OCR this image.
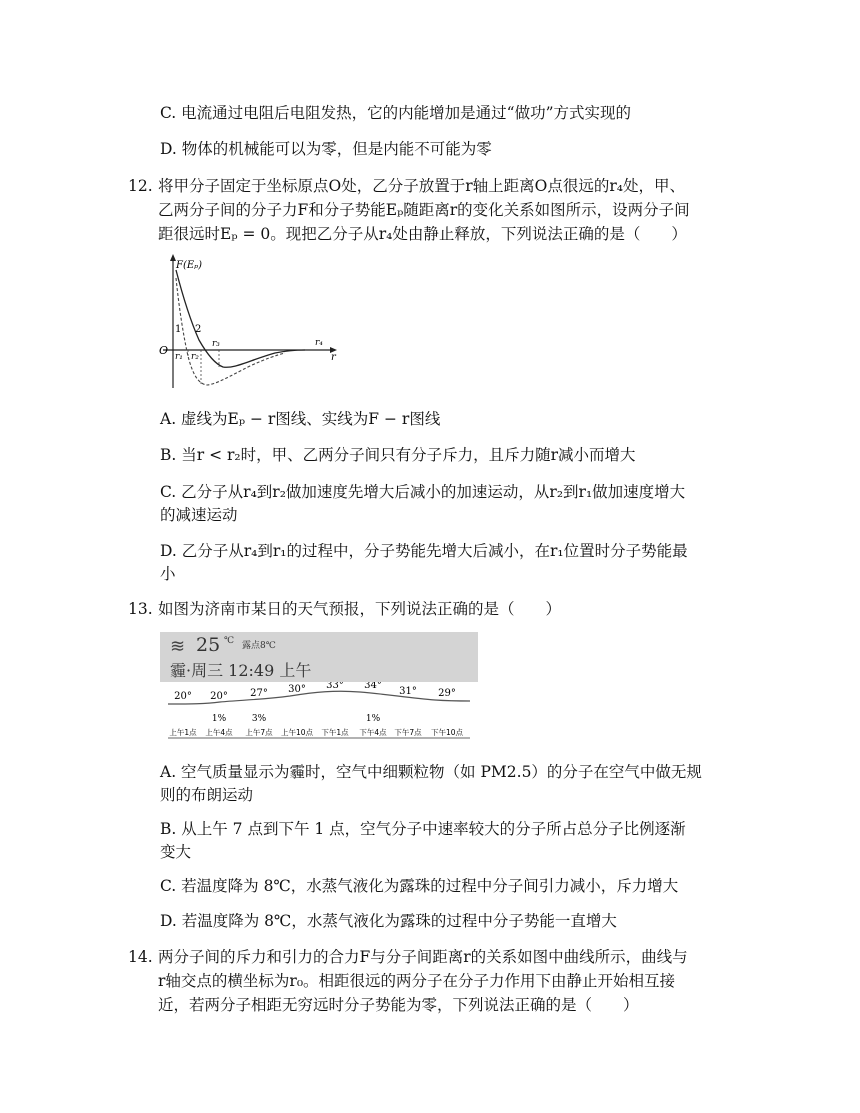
C. 电流通过电阻后电阻发热，它的内能增加是通过“做功”方式实现的
D. 物体的机械能可以为零，但是内能不可能为零
12. 将甲分子固定于坐标原点O处，乙分子放置于r轴上距离O点很远的r₄处，甲、
乙两分子间的分子力F和分子势能Eₚ随距离r的变化关系如图所示，设两分子间
距很远时Eₚ = 0。现把乙分子从r₄处由静止释放，下列说法正确的是（　　）
F(Eₚ)
O
r
1 2
r₁ r₂
r₃	r₄
A. 虚线为Eₚ − r图线、实线为F − r图线
B. 当r < r₂时，甲、乙两分子间只有分子斥力，且斥力随r减小而增大
C. 乙分子从r₄到r₂做加速度先增大后减小的加速运动，从r₂到r₁做加速度增大
的减速运动
D. 乙分子从r₄到r₁的过程中，分子势能先增大后减小，在r₁位置时分子势能最
小
13. 如图为济南市某日的天气预报，下列说法正确的是（　　）
≋ 25 ℃ 露点8℃
霾·周三 12:49 上午
20° 20° 27° 30° 33° 34°
31° 29°
1%	3%	1%
上午1点 上午4点 上午7点 上午10点 下午1点 下午4点 下午7点 下午10点
A. 空气质量显示为霾时，空气中细颗粒物（如 PM2.5）的分子在空气中做无规
则的布朗运动
B. 从上午 7 点到下午 1 点，空气分子中速率较大的分子所占总分子比例逐渐
变大
C. 若温度降为 8℃，水蒸气液化为露珠的过程中分子间引力减小，斥力增大
D. 若温度降为 8℃，水蒸气液化为露珠的过程中分子势能一直增大
14. 两分子间的斥力和引力的合力F与分子间距离r的关系如图中曲线所示，曲线与
r轴交点的横坐标为r₀。相距很远的两分子在分子力作用下由静止开始相互接
近，若两分子相距无穷远时分子势能为零，下列说法正确的是（　　）
